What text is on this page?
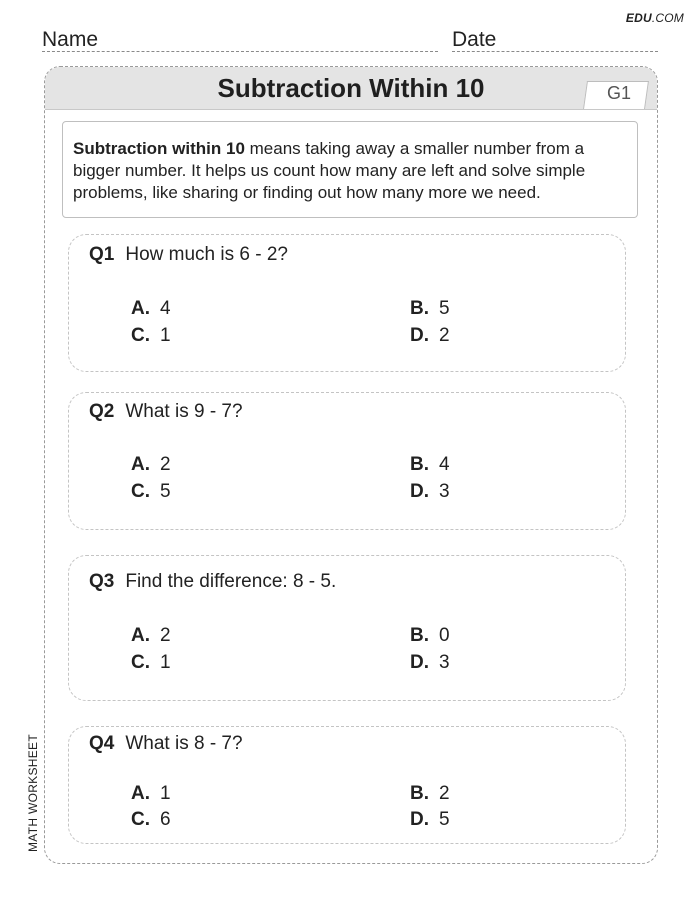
EDU.COM
Name	Date
Subtraction Within 10	G1
Subtraction within 10 means taking away a smaller number from a bigger number. It helps us count how many are left and solve simple problems, like sharing or finding out how many more we need.
Q1 How much is 6 - 2?
A. 4	B. 5
C. 1	D. 2
Q2 What is 9 - 7?
A. 2	B. 4
C. 5	D. 3
Q3 Find the difference: 8 - 5.
A. 2	B. 0
C. 1	D. 3
Q4 What is 8 - 7?
A. 1	B. 2
C. 6	D. 5
MATH WORKSHEET
